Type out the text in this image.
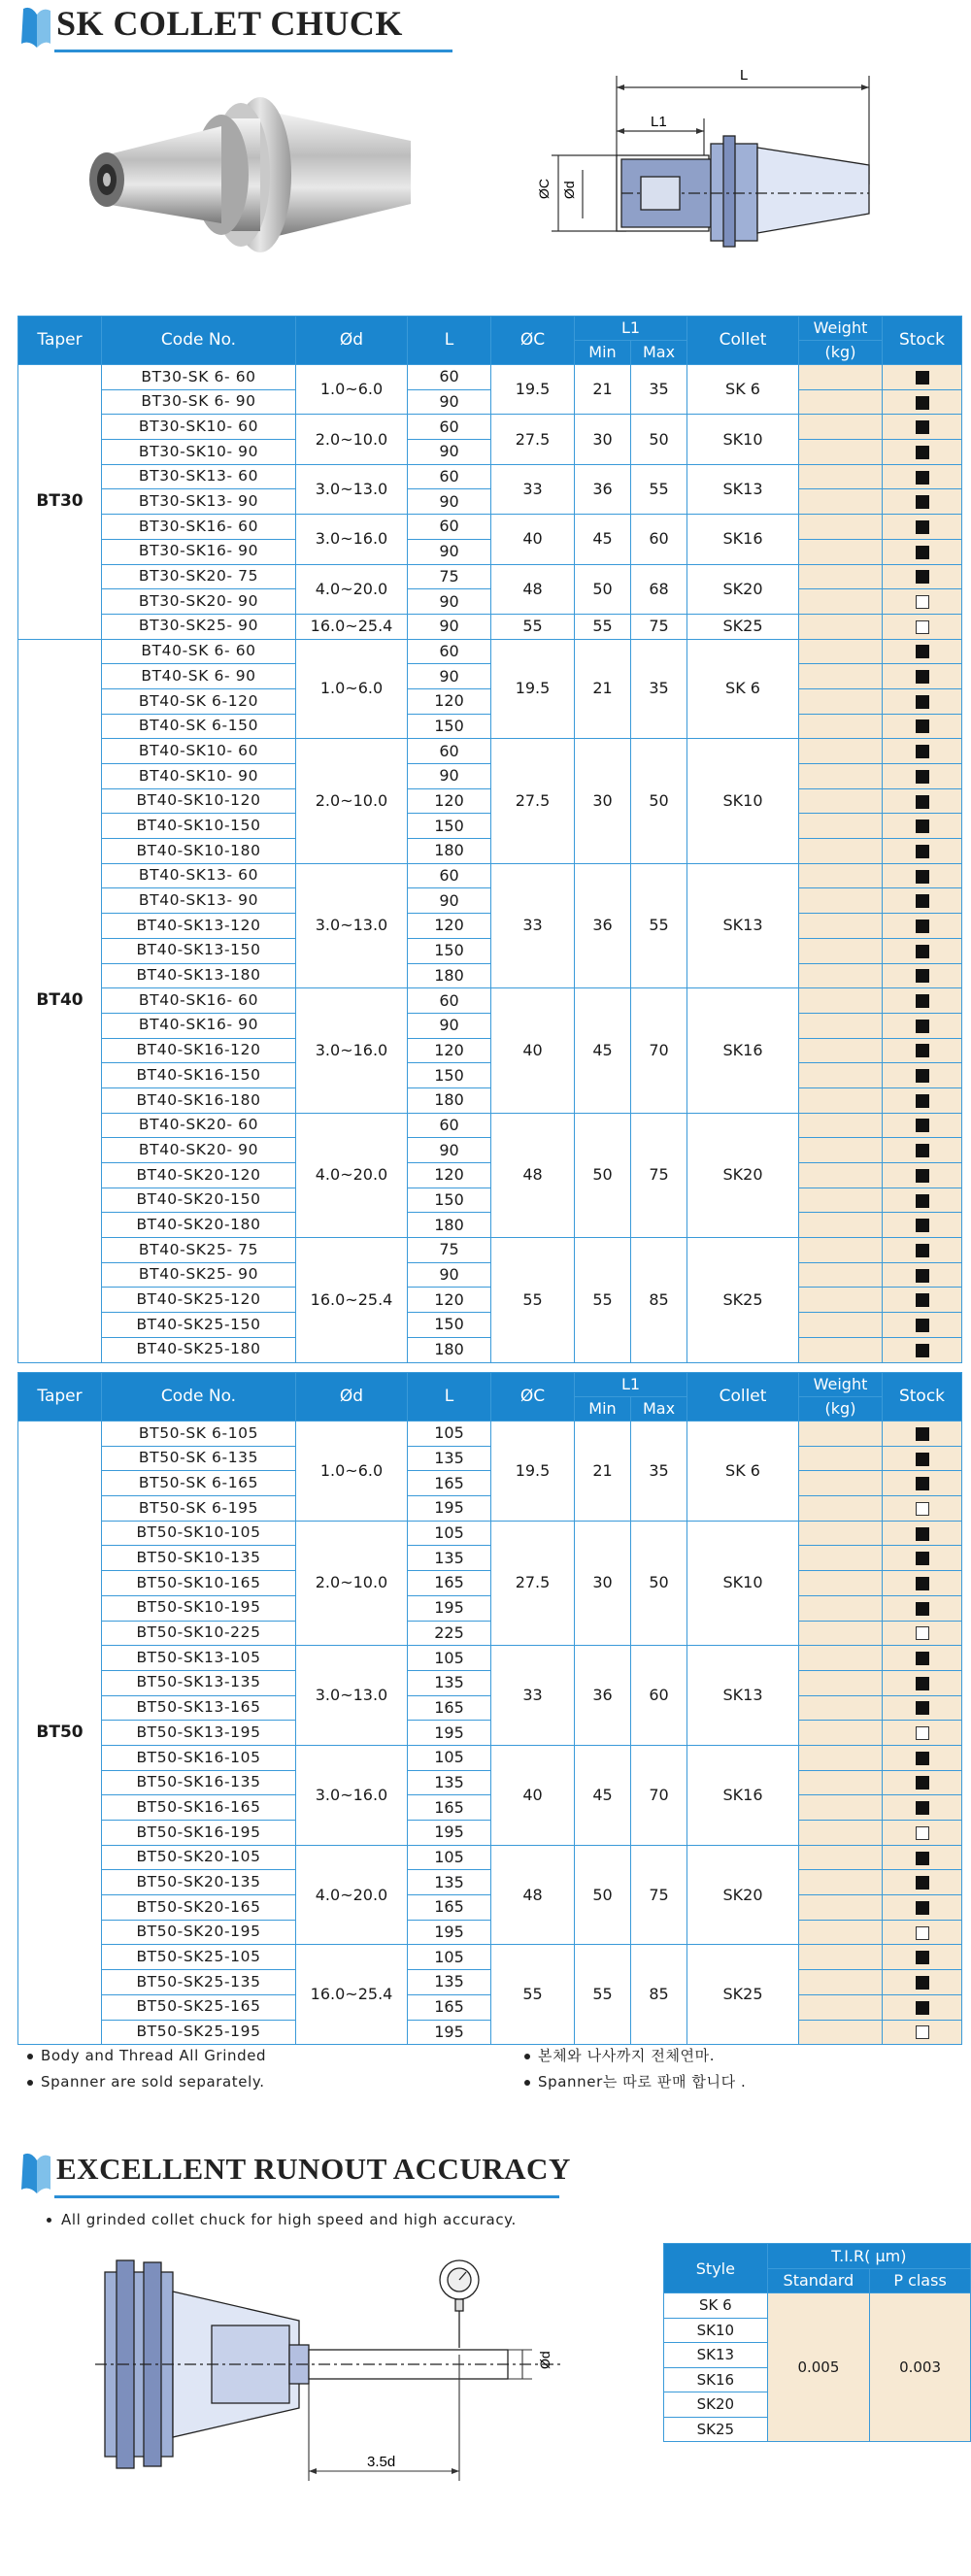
SK COLLET CHUCK
L
L1
ØC Ød
Taper	Code No.	Ød	L	ØC	L1		Collet	Weight	Stock
					Min	Max		(kg)	
BT30	BT30-SK 6- 60	1.0~6.0	60	19.5	21	35	SK 6		
	BT30-SK 6- 90		90						
	BT30-SK10- 60	2.0~10.0	60	27.5	30	50	SK10		
	BT30-SK10- 90		90						
	BT30-SK13- 60	3.0~13.0	60	33	36	55	SK13		
	BT30-SK13- 90		90						
	BT30-SK16- 60	3.0~16.0	60	40	45	60	SK16		
	BT30-SK16- 90		90						
	BT30-SK20- 75	4.0~20.0	75	48	50	68	SK20		
	BT30-SK20- 90		90						
	BT30-SK25- 90	16.0~25.4	90	55	55	75	SK25		
BT40	BT40-SK 6- 60	1.0~6.0	60	19.5	21	35	SK 6		
	BT40-SK 6- 90		90						
	BT40-SK 6-120		120						
	BT40-SK 6-150		150						
	BT40-SK10- 60	2.0~10.0	60	27.5	30	50	SK10		
	BT40-SK10- 90		90						
	BT40-SK10-120		120						
	BT40-SK10-150		150						
	BT40-SK10-180		180						
	BT40-SK13- 60	3.0~13.0	60	33	36	55	SK13		
	BT40-SK13- 90		90						
	BT40-SK13-120		120						
	BT40-SK13-150		150						
	BT40-SK13-180		180						
	BT40-SK16- 60	3.0~16.0	60	40	45	70	SK16		
	BT40-SK16- 90		90						
	BT40-SK16-120		120						
	BT40-SK16-150		150						
	BT40-SK16-180		180						
	BT40-SK20- 60	4.0~20.0	60	48	50	75	SK20		
	BT40-SK20- 90		90						
	BT40-SK20-120		120						
	BT40-SK20-150		150						
	BT40-SK20-180		180						
	BT40-SK25- 75	16.0~25.4	75	55	55	85	SK25		
	BT40-SK25- 90		90						
	BT40-SK25-120		120						
	BT40-SK25-150		150						
	BT40-SK25-180		180						
Taper	Code No.	Ød	L	ØC	L1		Collet	Weight	Stock
					Min	Max		(kg)	
BT50	BT50-SK 6-105	1.0~6.0	105	19.5	21	35	SK 6		
	BT50-SK 6-135		135						
	BT50-SK 6-165		165						
	BT50-SK 6-195		195						
	BT50-SK10-105	2.0~10.0	105	27.5	30	50	SK10		
	BT50-SK10-135		135						
	BT50-SK10-165		165						
	BT50-SK10-195		195						
	BT50-SK10-225		225						
	BT50-SK13-105	3.0~13.0	105	33	36	60	SK13		
	BT50-SK13-135		135						
	BT50-SK13-165		165						
	BT50-SK13-195		195						
	BT50-SK16-105	3.0~16.0	105	40	45	70	SK16		
	BT50-SK16-135		135						
	BT50-SK16-165		165						
	BT50-SK16-195		195						
	BT50-SK20-105	4.0~20.0	105	48	50	75	SK20		
	BT50-SK20-135		135						
	BT50-SK20-165		165						
	BT50-SK20-195		195						
	BT50-SK25-105	16.0~25.4	105	55	55	85	SK25		
	BT50-SK25-135		135						
	BT50-SK25-165		165						
	BT50-SK25-195		195						
Body and Thread All Grinded
Spanner are sold separately.
본체와 나사까지 전체연마.
Spanner는 따로 판매 합니다 .
EXCELLENT RUNOUT ACCURACY
All grinded collet chuck for high speed and high accuracy.
3.5d
Ød
Style	T.I.R( μm)	
	Standard	P class
SK 6	0.005	0.003
SK10		
SK13		
SK16		
SK20		
SK25		
